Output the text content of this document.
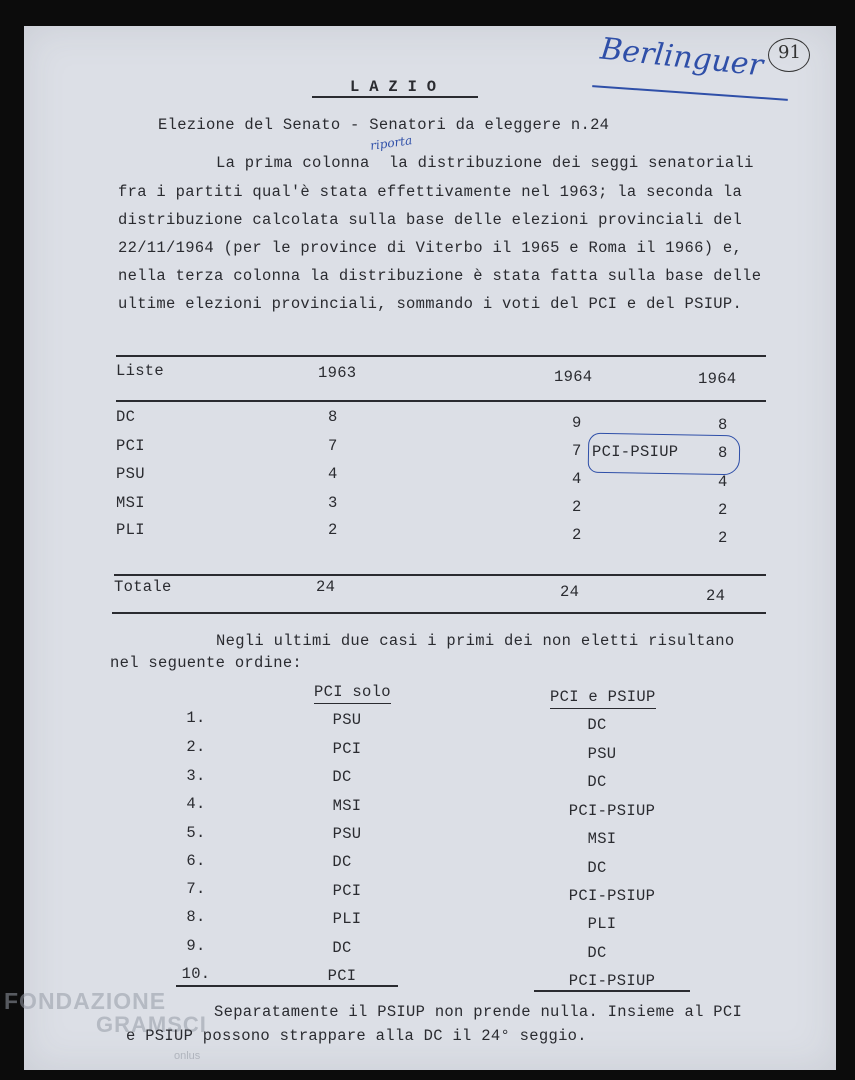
FONDAZIONE
GRAMSCI
onlus
Berlinguer 91
riporta
L A Z I O
Elezione del Senato - Senatori da eleggere n.24
La prima colonna  la distribuzione dei seggi senatoriali
fra i partiti qual'è stata effettivamente nel 1963; la seconda la
distribuzione calcolata sulla base delle elezioni provinciali del
22/11/1964 (per le province di Viterbo il 1965 e Roma il 1966) e,
nella terza colonna la distribuzione è stata fatta sulla base delle
ultime elezioni provinciali, sommando i voti del PCI e del PSIUP.
Liste	1963	1964	1964
DC	8	9	8
PCI	7	7 PCI-PSIUP	8
PSU	4	4	4
MSI	3	2	2
PLI	2	2	2
Totale	24	24	24
Negli ultimi due casi i primi dei non eletti risultano
nel seguente ordine:
PCI solo	PCI e PSIUP
1.	PSU	DC
2.	PCI	PSU
3.	DC	DC
4.	MSI	PCI-PSIUP
5.	PSU	MSI
6.	DC	DC
7.	PCI	PCI-PSIUP
8.	PLI	PLI
9.	DC	DC
10.	PCI	PCI-PSIUP
Separatamente il PSIUP non prende nulla. Insieme al PCI
e PSIUP possono strappare alla DC il 24° seggio.
